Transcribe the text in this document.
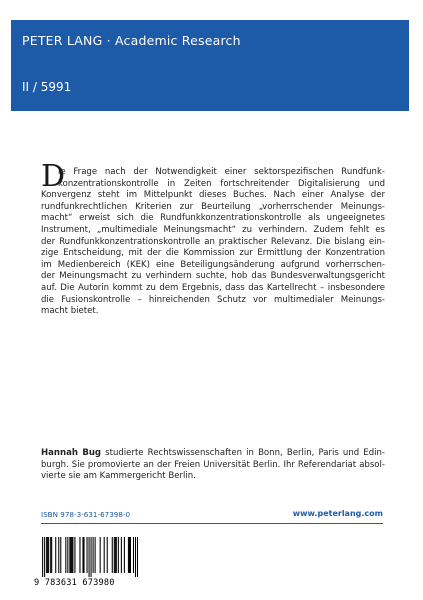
PETER LANG · Academic Research
II / 5991
D
ie Frage nach der Notwendigkeit einer sektorspezifischen Rundfunk-
konzentrationskontrolle in Zeiten fortschreitender Digitalisierung und
Konvergenz steht im Mittelpunkt dieses Buches. Nach einer Analyse der
rundfunkrechtlichen Kriterien zur Beurteilung „vorherrschender Meinungs-
macht“ erweist sich die Rundfunkkonzentrationskontrolle als ungeeignetes
Instrument, „multimediale Meinungsmacht“ zu verhindern. Zudem fehlt es
der Rundfunkkonzentrationskontrolle an praktischer Relevanz. Die bislang ein-
zige Entscheidung, mit der die Kommission zur Ermittlung der Konzentration
im Medienbereich (KEK) eine Beteiligungsänderung aufgrund vorherrschen-
der Meinungsmacht zu verhindern suchte, hob das Bundesverwaltungsgericht
auf. Die Autorin kommt zu dem Ergebnis, dass das Kartellrecht – insbesondere
die Fusionskontrolle – hinreichenden Schutz vor multimedialer Meinungs-
macht bietet.
Hannah Bug studierte Rechtswissenschaften in Bonn, Berlin, Paris und Edin-
burgh. Sie promovierte an der Freien Universität Berlin. Ihr Referendariat absol-
vierte sie am Kammergericht Berlin.
ISBN 978-3-631-67398-0	www.peterlang.com
9 783631 673980
